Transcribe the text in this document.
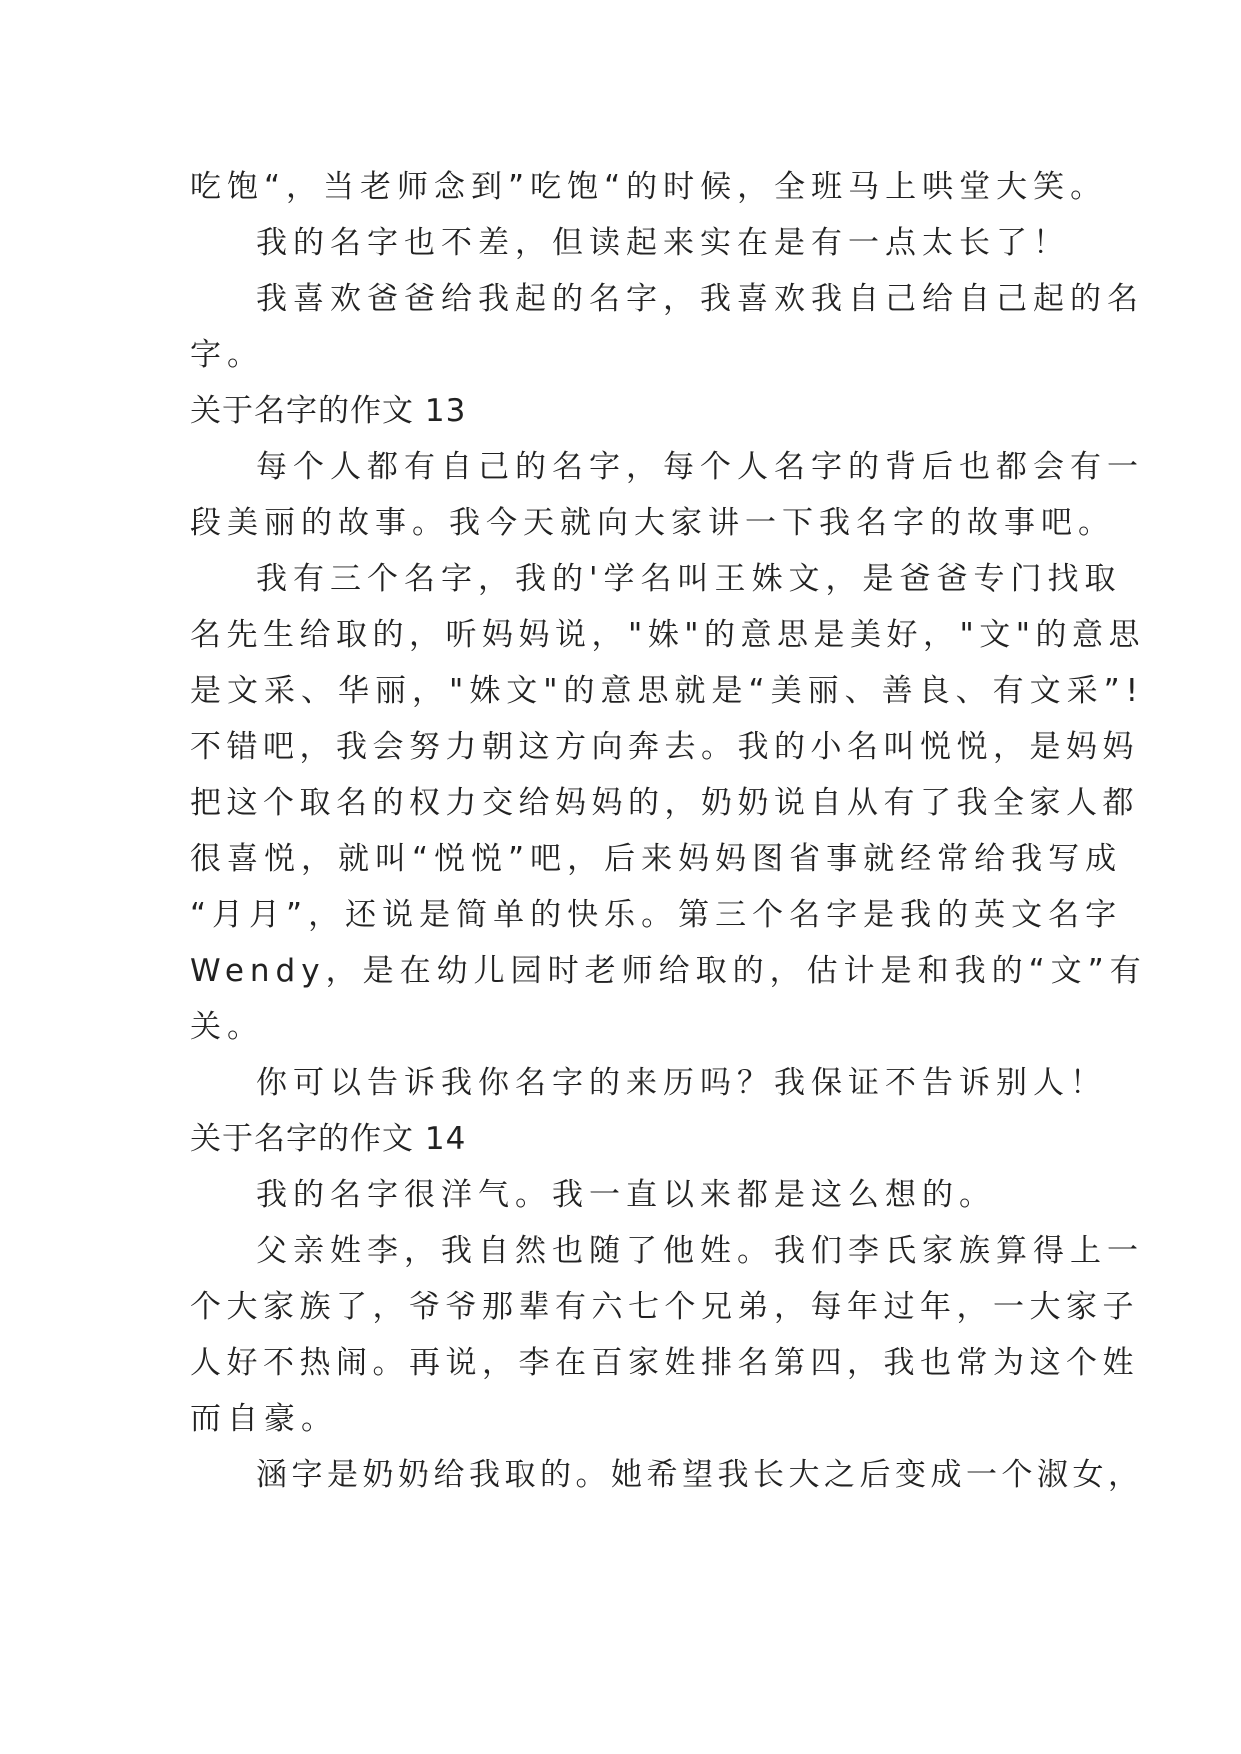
吃饱“，当老师念到”吃饱“的时候，全班马上哄堂大笑。
我的名字也不差，但读起来实在是有一点太长了！
我喜欢爸爸给我起的名字，我喜欢我自己给自己起的名
字。
关于名字的作文 13
每个人都有自己的名字，每个人名字的背后也都会有一
段美丽的故事。我今天就向大家讲一下我名字的故事吧。
我有三个名字，我的'学名叫王姝文，是爸爸专门找取
名先生给取的，听妈妈说，"姝"的意思是美好，"文"的意思
是文采、华丽，"姝文"的意思就是“美丽、善良、有文采”!
不错吧，我会努力朝这方向奔去。我的小名叫悦悦，是妈妈
把这个取名的权力交给妈妈的，奶奶说自从有了我全家人都
很喜悦，就叫“悦悦”吧，后来妈妈图省事就经常给我写成
“月月”，还说是简单的快乐。第三个名字是我的英文名字
Wendy，是在幼儿园时老师给取的，估计是和我的“文”有
关。
你可以告诉我你名字的来历吗？我保证不告诉别人！
关于名字的作文 14
我的名字很洋气。我一直以来都是这么想的。
父亲姓李，我自然也随了他姓。我们李氏家族算得上一
个大家族了，爷爷那辈有六七个兄弟，每年过年，一大家子
人好不热闹。再说，李在百家姓排名第四，我也常为这个姓
而自豪。
涵字是奶奶给我取的。她希望我长大之后变成一个淑女，
